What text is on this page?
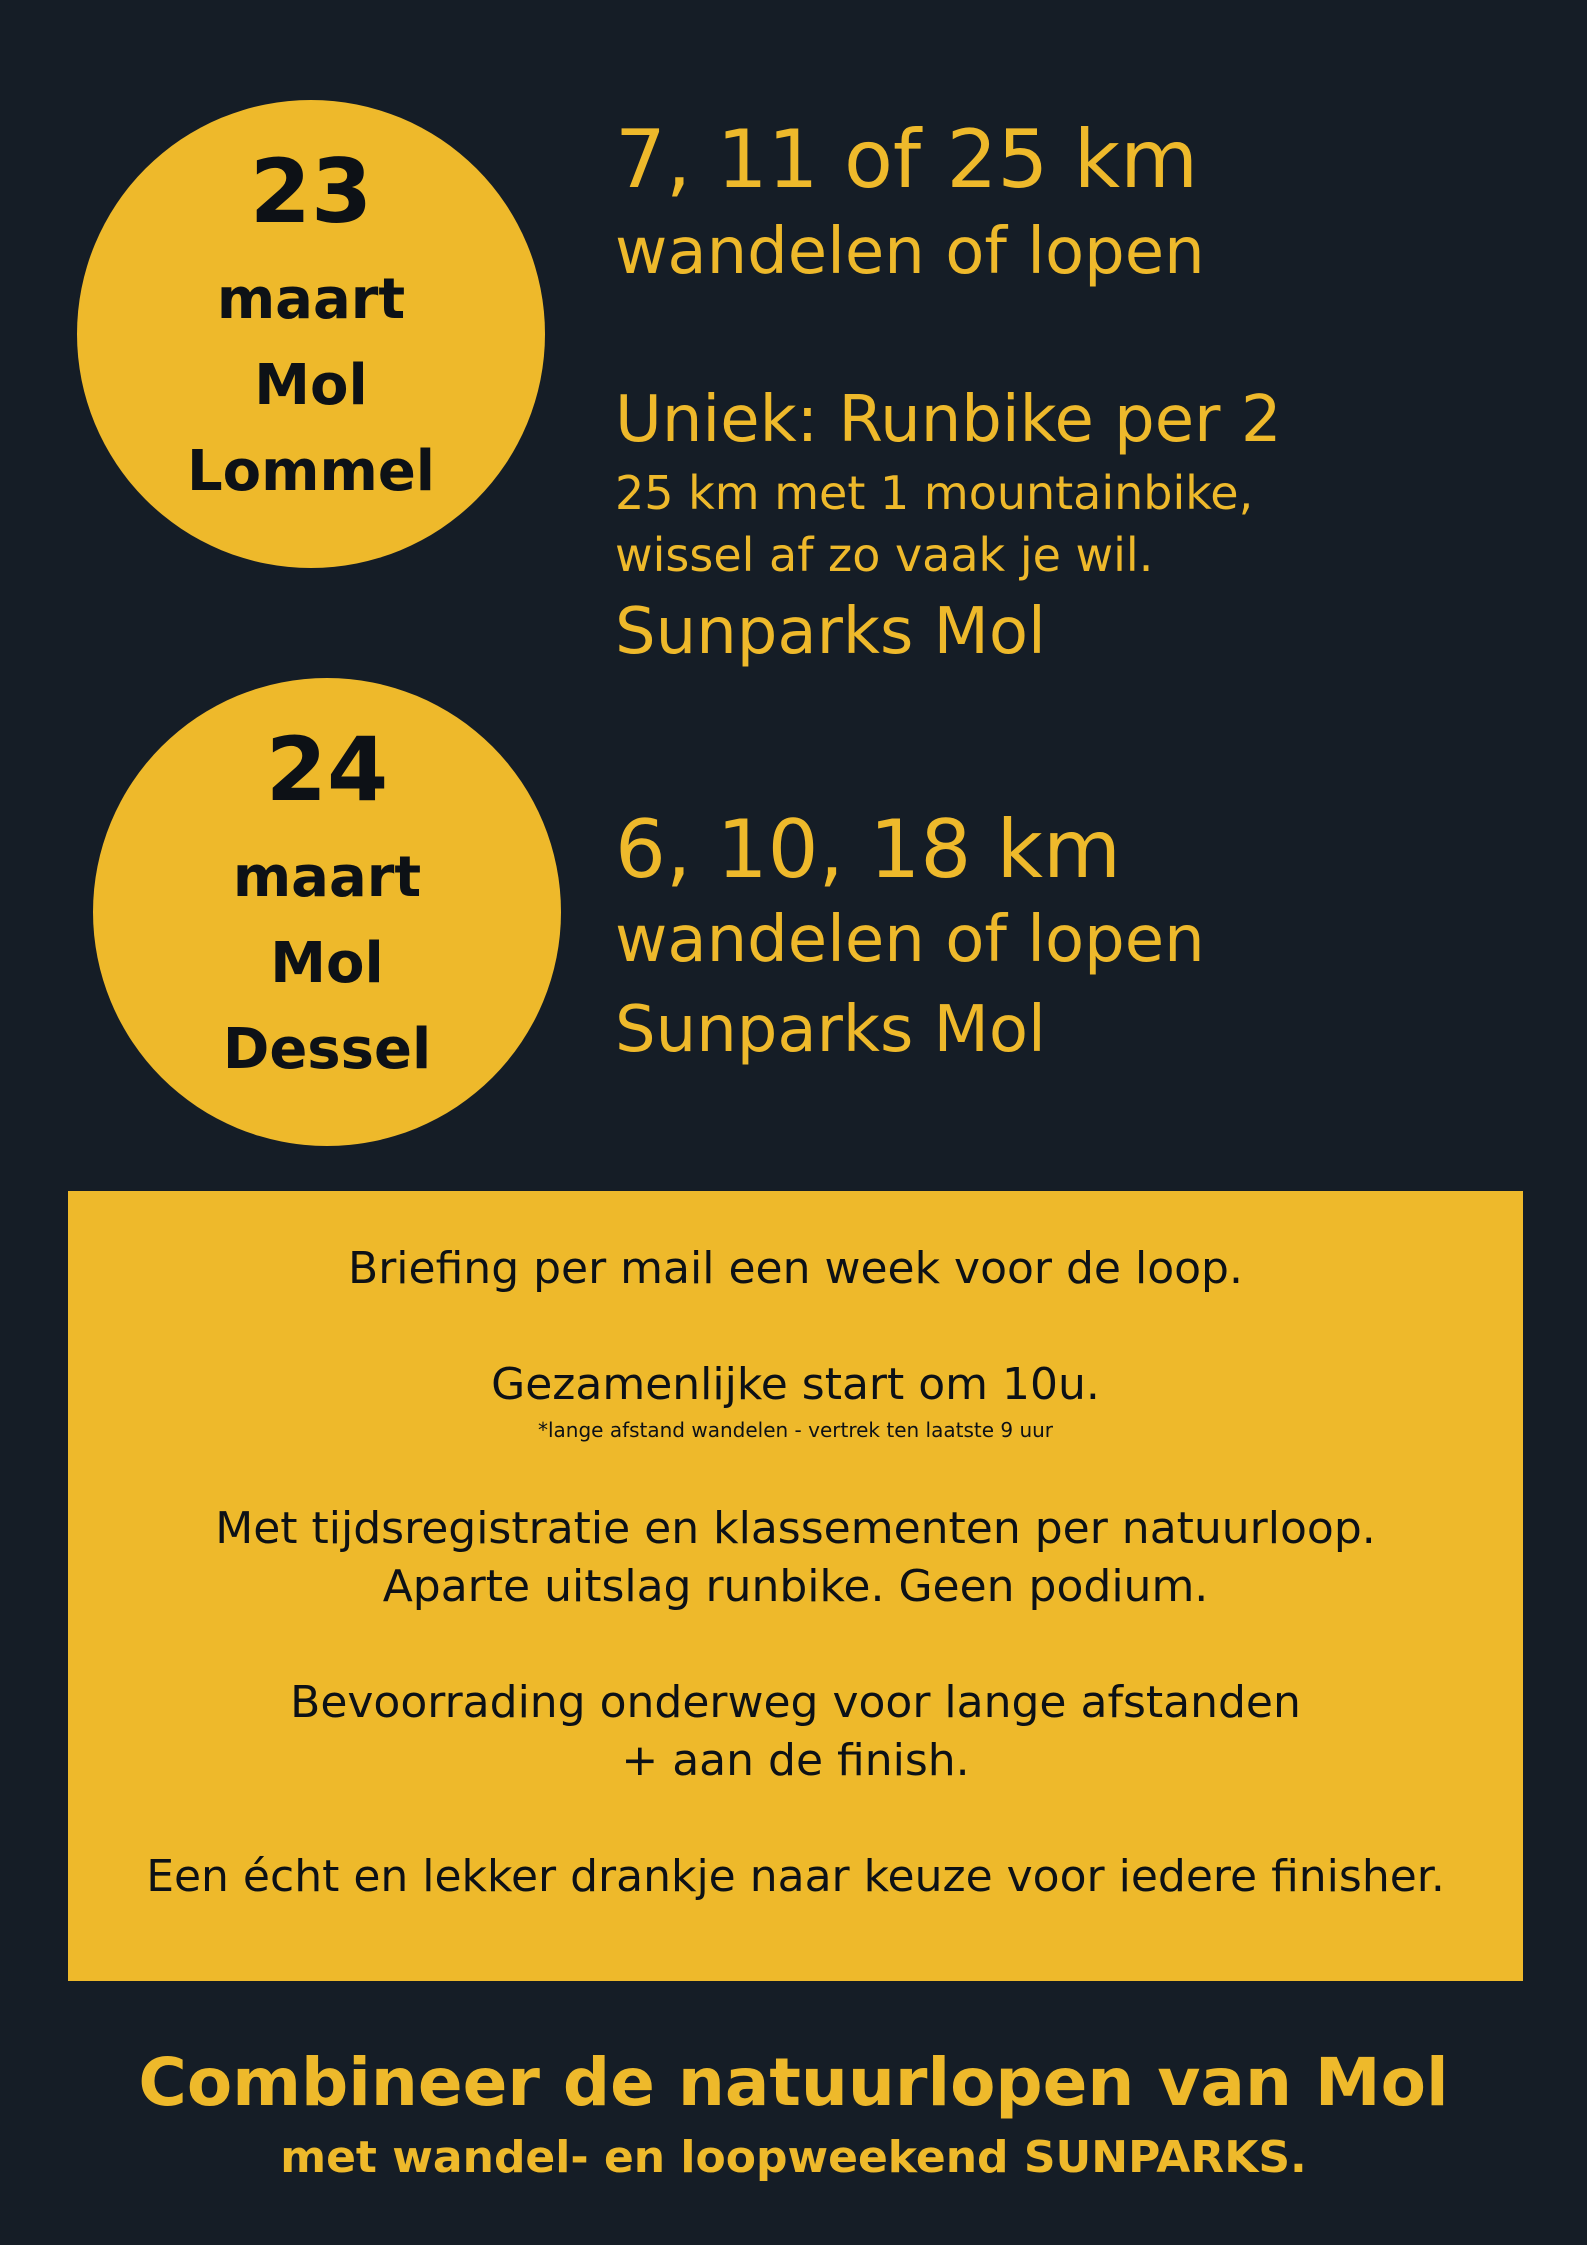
23
maart
Mol
Lommel
7, 11 of 25 km
wandelen of lopen
Uniek: Runbike per 2
25 km met 1 mountainbike,
wissel af zo vaak je wil.
Sunparks Mol
24
maart
Mol
Dessel
6, 10, 18 km
wandelen of lopen
Sunparks Mol
Briefing per mail een week voor de loop.
Gezamenlijke start om 10u.
*lange afstand wandelen - vertrek ten laatste 9 uur
Met tijdsregistratie en klassementen per natuurloop.
Aparte uitslag runbike. Geen podium.
Bevoorrading onderweg voor lange afstanden
+ aan de finish.
Een écht en lekker drankje naar keuze voor iedere finisher.
Combineer de natuurlopen van Mol
met wandel- en loopweekend SUNPARKS.
